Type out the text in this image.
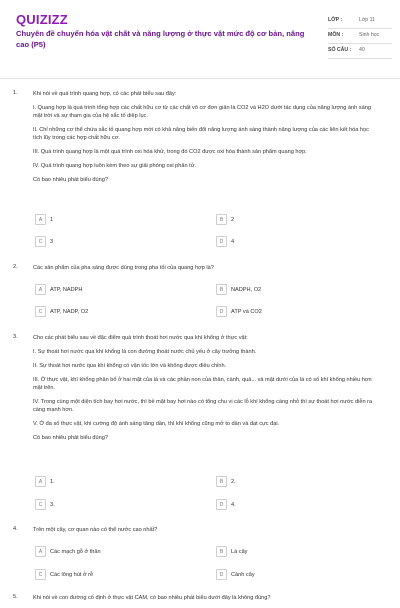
QUIZIZZ
Chuyên đề chuyển hóa vật chất và năng lượng ở thực vật mức độ cơ bản, nâng cao (P5)
LỚP :	Lớp 11
MÔN :	Sinh học
SỐ CÂU :	40
1.	Khi nói về quá trình quang hợp, có các phát biểu sau đây:
I. Quang hợp là quá trình tổng hợp các chất hữu cơ từ các chất vô cơ đơn giản là CO2 và H2O dưới tác dụng của năng lượng ánh sáng mặt trời và sự tham gia của hệ sắc tố diệp lục.
II. Chỉ những cơ thể chứa sắc tố quang hợp mới có khả năng biến đổi năng lượng ánh sáng thành năng lượng của các liên kết hóa học tích lũy trong các hợp chất hữu cơ.
III. Quá trình quang hợp là một quá trình oxi hóa khử, trong đó CO2 được oxi hóa thành sản phẩm quang hợp.
IV. Quá trình quang hợp luôn kèm theo sự giải phóng oxi phân tử.
Có bao nhiêu phát biểu đúng?
A	1	B	2
C	3	D	4
2.	Các sản phẩm của pha sáng được dùng trong pha tối của quang hợp là?
A	ATP, NADPH	B	NADPH, O2
C	ATP, NADP, O2	D	ATP và CO2
3.	Cho các phát biểu sau về đặc điểm quá trình thoát hơi nước qua khí khổng ở thực vật:
I. Sự thoát hơi nước qua khí khổng là con đường thoát nước chủ yếu ở cây trưởng thành.
II. Sự thoát hơi nước qua khí khổng có vận tốc lớn và không được điều chỉnh.
III. Ở thực vật, khí khổng phân bố ở hai mặt của lá và các phần non của thân, cành, quả... và mặt dưới của lá có số khí khổng nhiều hơn mặt trên.
IV. Trong cùng một diện tích bay hơi nước, thì bề mặt bay hơi nào có tổng chu vi các lỗ khí khổng càng nhỏ thì sự thoát hơi nước diễn ra càng mạnh hơn.
V. Ở đa số thực vật, khi cường độ ánh sáng tăng dần, thì khí khổng cũng mở to dần và đạt cực đại.
Có bao nhiêu phát biểu đúng?
A	1.	B	2.
C	3.	D	4.
4.	Trên một cây, cơ quan nào có thể nước cao nhất?
A	Các mạch gỗ ở thân	B	Lá cây
C	Các lông hút ở rễ	D	Cành cây
5.	Khi nói về con đường cố định ở thực vật CAM, có bao nhiêu phát biểu dưới đây là không đúng?
